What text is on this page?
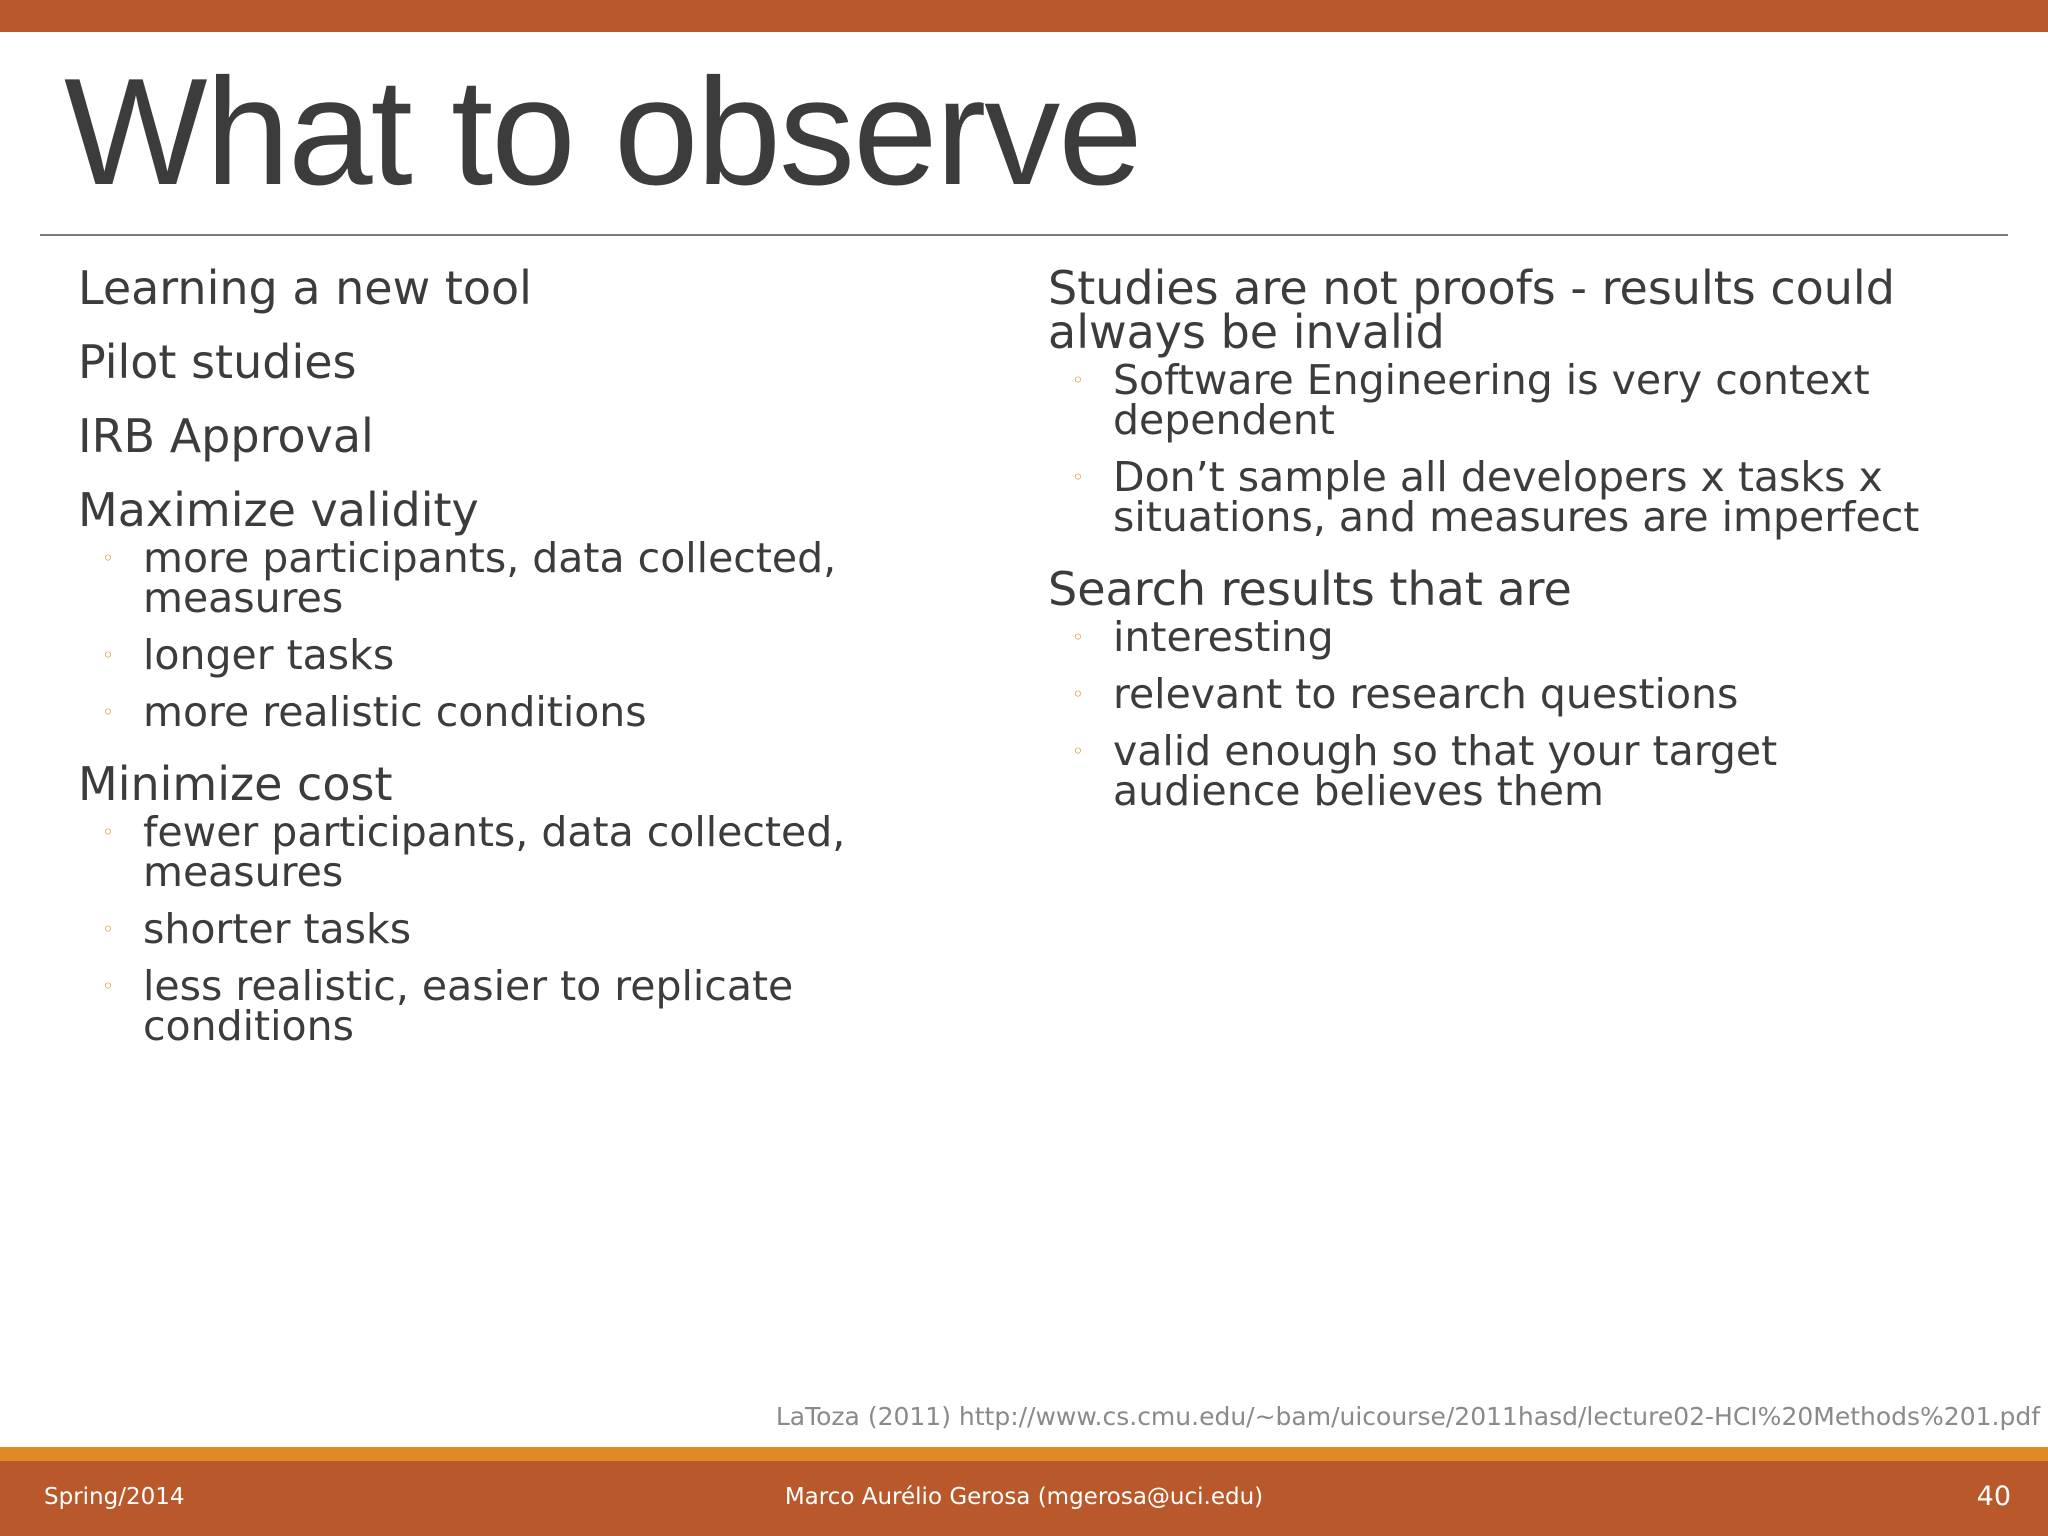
What to observe
Learning a new tool
Pilot studies
IRB Approval
Maximize validity
◦ more participants, data collected, measures
◦ longer tasks
◦ more realistic conditions
Minimize cost
◦ fewer participants, data collected, measures
◦ shorter tasks
◦ less realistic, easier to replicate conditions
Studies are not proofs - results could always be invalid
◦ Software Engineering is very context dependent
◦ Don’t sample all developers x tasks x situations, and measures are imperfect
Search results that are
◦ interesting
◦ relevant to research questions
◦ valid enough so that your target audience believes them

LaToza (2011) http://www.cs.cmu.edu/~bam/uicourse/2011hasd/lecture02-HCI%20Methods%201.pdf

Spring/2014	Marco Aurélio Gerosa (mgerosa@uci.edu)	40
